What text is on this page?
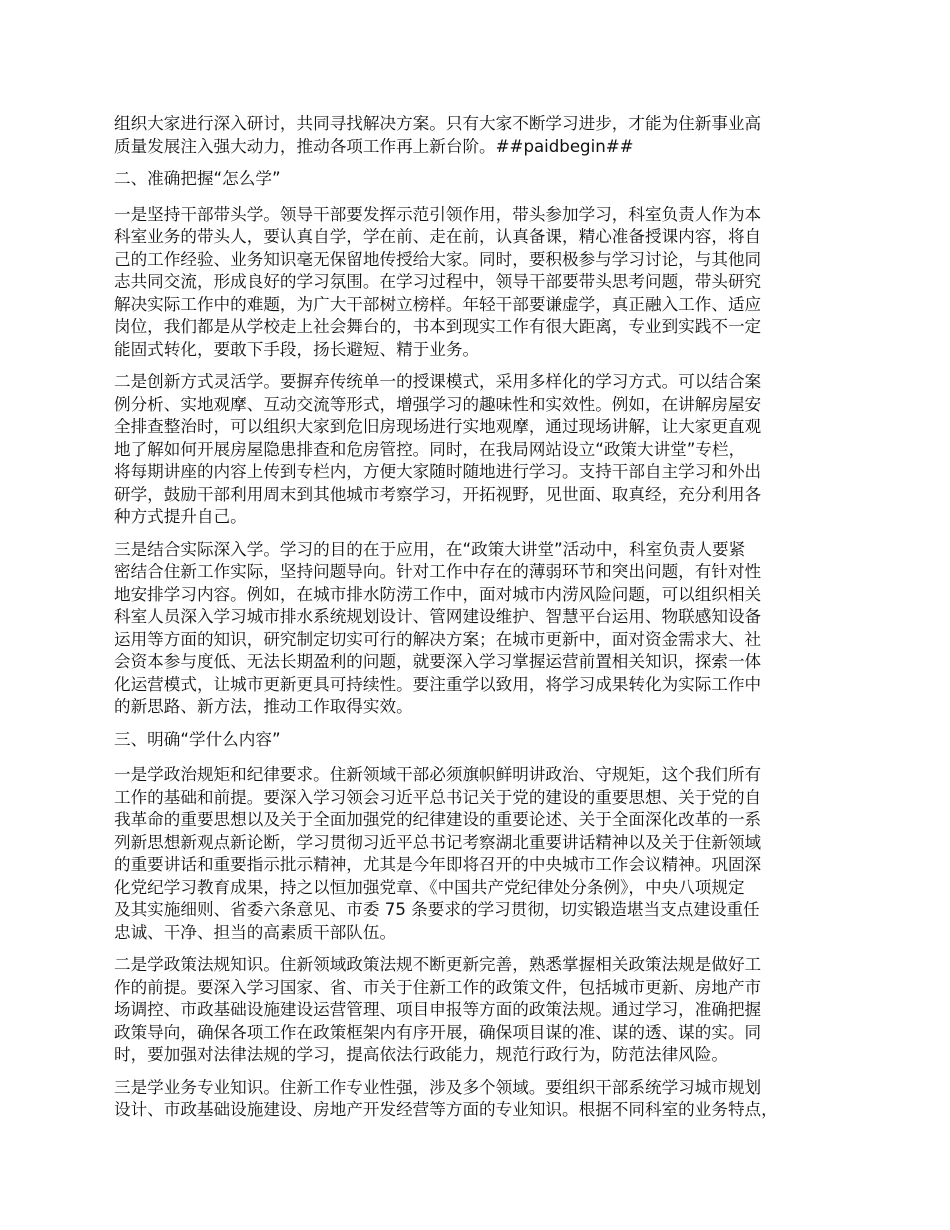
组织大家进行深入研讨，共同寻找解决方案。只有大家不断学习进步，才能为住新事业高
质量发展注入强大动力，推动各项工作再上新台阶。##paidbegin##
二、准确把握“怎么学”
一是坚持干部带头学。领导干部要发挥示范引领作用，带头参加学习，科室负责人作为本
科室业务的带头人，要认真自学，学在前、走在前，认真备课，精心准备授课内容，将自
己的工作经验、业务知识毫无保留地传授给大家。同时，要积极参与学习讨论，与其他同
志共同交流，形成良好的学习氛围。在学习过程中，领导干部要带头思考问题，带头研究
解决实际工作中的难题，为广大干部树立榜样。年轻干部要谦虚学，真正融入工作、适应
岗位，我们都是从学校走上社会舞台的，书本到现实工作有很大距离，专业到实践不一定
能固式转化，要敢下手段，扬长避短、精于业务。
二是创新方式灵活学。要摒弃传统单一的授课模式，采用多样化的学习方式。可以结合案
例分析、实地观摩、互动交流等形式，增强学习的趣味性和实效性。例如，在讲解房屋安
全排查整治时，可以组织大家到危旧房现场进行实地观摩，通过现场讲解，让大家更直观
地了解如何开展房屋隐患排查和危房管控。同时，在我局网站设立“政策大讲堂”专栏，
将每期讲座的内容上传到专栏内，方便大家随时随地进行学习。支持干部自主学习和外出
研学，鼓励干部利用周末到其他城市考察学习，开拓视野，见世面、取真经，充分利用各
种方式提升自己。
三是结合实际深入学。学习的目的在于应用，在“政策大讲堂”活动中，科室负责人要紧
密结合住新工作实际，坚持问题导向。针对工作中存在的薄弱环节和突出问题，有针对性
地安排学习内容。例如，在城市排水防涝工作中，面对城市内涝风险问题，可以组织相关
科室人员深入学习城市排水系统规划设计、管网建设维护、智慧平台运用、物联感知设备
运用等方面的知识，研究制定切实可行的解决方案；在城市更新中，面对资金需求大、社
会资本参与度低、无法长期盈利的问题，就要深入学习掌握运营前置相关知识，探索一体
化运营模式，让城市更新更具可持续性。要注重学以致用，将学习成果转化为实际工作中
的新思路、新方法，推动工作取得实效。
三、明确“学什么内容”
一是学政治规矩和纪律要求。住新领域干部必须旗帜鲜明讲政治、守规矩，这个我们所有
工作的基础和前提。要深入学习领会习近平总书记关于党的建设的重要思想、关于党的自
我革命的重要思想以及关于全面加强党的纪律建设的重要论述、关于全面深化改革的一系
列新思想新观点新论断，学习贯彻习近平总书记考察湖北重要讲话精神以及关于住新领域
的重要讲话和重要指示批示精神，尤其是今年即将召开的中央城市工作会议精神。巩固深
化党纪学习教育成果，持之以恒加强党章、《中国共产党纪律处分条例》，中央八项规定
及其实施细则、省委六条意见、市委 75 条要求的学习贯彻，切实锻造堪当支点建设重任
忠诚、干净、担当的高素质干部队伍。
二是学政策法规知识。住新领域政策法规不断更新完善，熟悉掌握相关政策法规是做好工
作的前提。要深入学习国家、省、市关于住新工作的政策文件，包括城市更新、房地产市
场调控、市政基础设施建设运营管理、项目申报等方面的政策法规。通过学习，准确把握
政策导向，确保各项工作在政策框架内有序开展，确保项目谋的准、谋的透、谋的实。同
时，要加强对法律法规的学习，提高依法行政能力，规范行政行为，防范法律风险。
三是学业务专业知识。住新工作专业性强，涉及多个领域。要组织干部系统学习城市规划
设计、市政基础设施建设、房地产开发经营等方面的专业知识。根据不同科室的业务特点，
